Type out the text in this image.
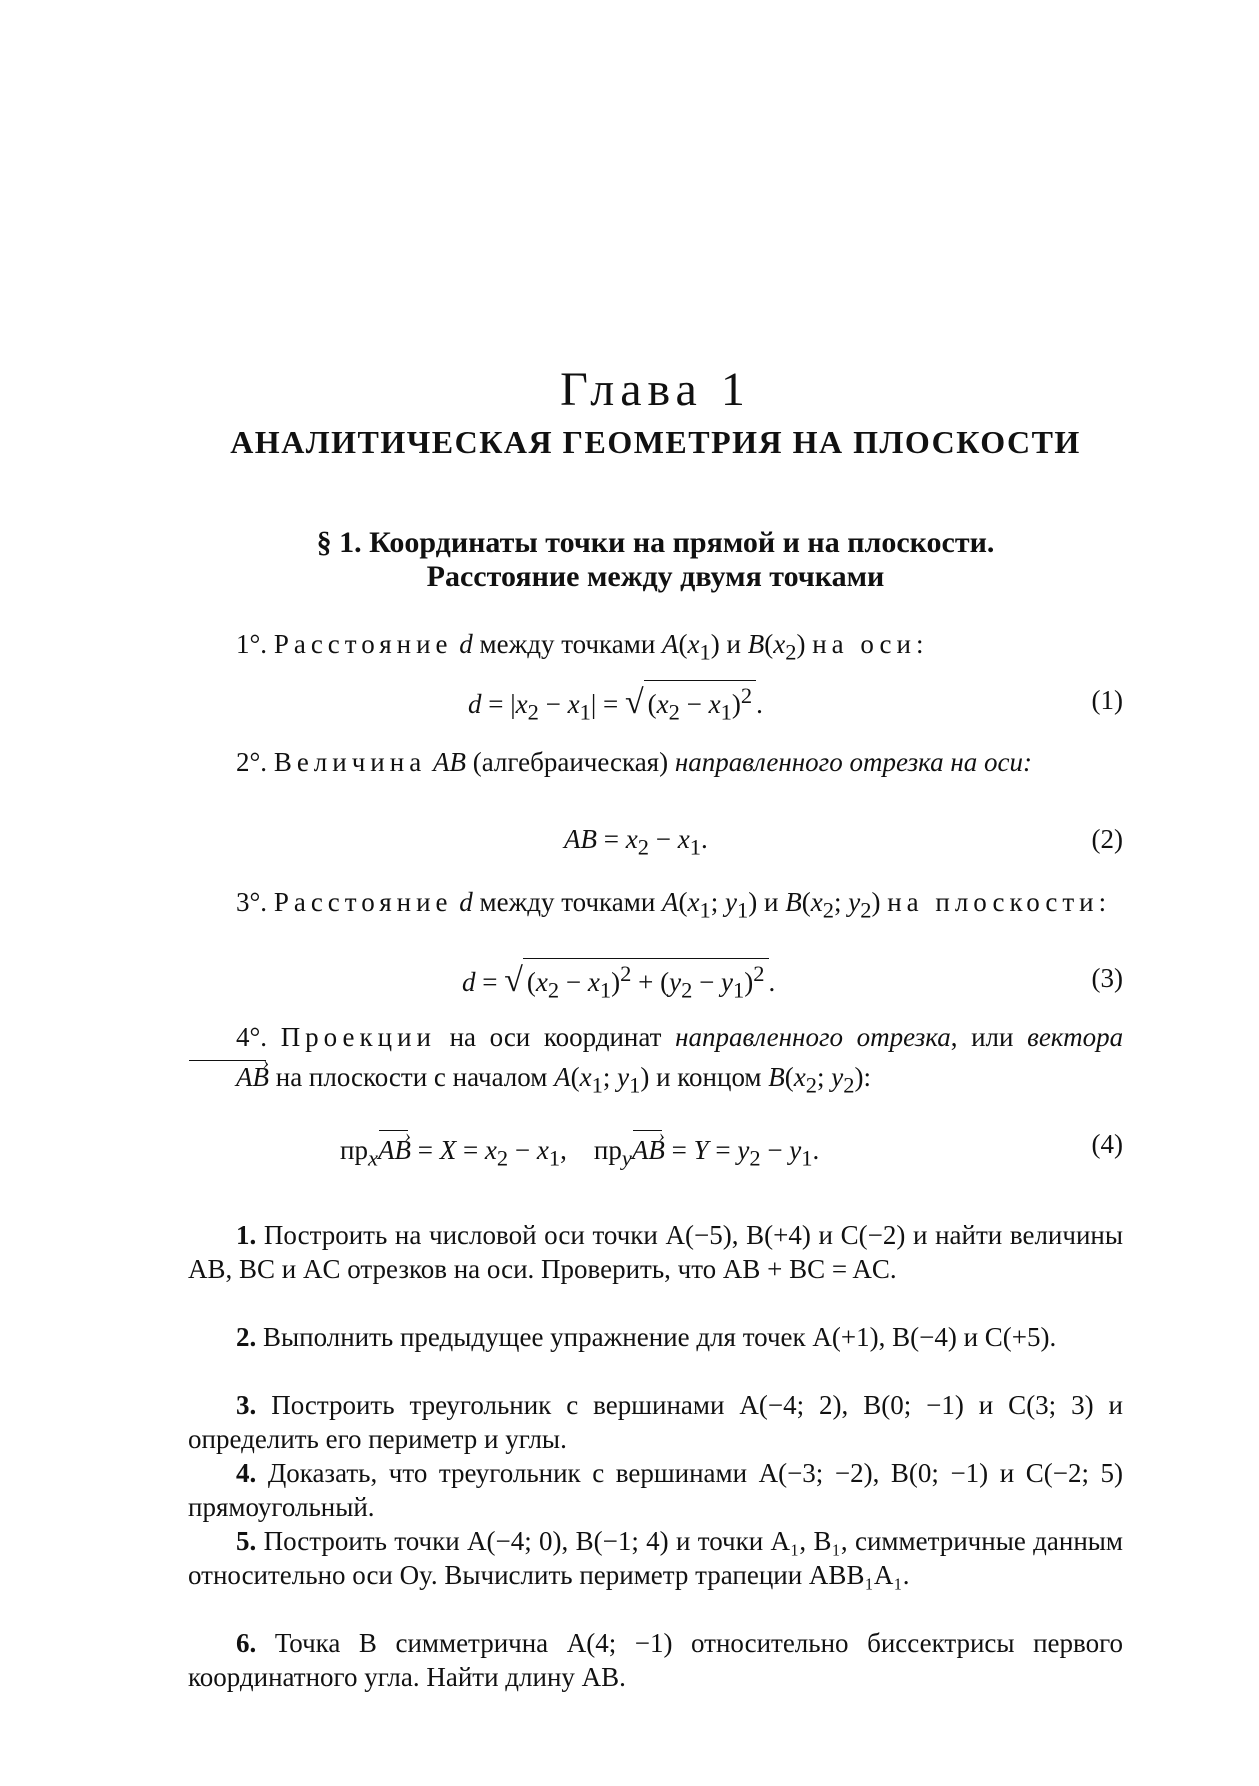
Глава 1
АНАЛИТИЧЕСКАЯ ГЕОМЕТРИЯ НА ПЛОСКОСТИ
§ 1. Координаты точки на прямой и на плоскости.
Расстояние между двумя точками
1°. Расстояние d между точками $A(x_1)$ и $B(x_2)$ на оси:
$d = |x_2 - x_1|$ = √ $(x_2 - x_1)^2$ .	(1)
2°. Величина AB (алгебраическая) направленного отрезка на оси:
AB = $x_2 - x_1$.	(2)
3°. Расстояние d между точками $A(x_1$; $y_1$) и $B(x_2$; $y_2$) на плоскости:
d = √ $(x_2 - x_1)^2 + (y_2 - y_1)^2$ .	(3)
4°. Проекции на оси координат направленного отрезка, или вектора AB › на плоскости с началом $A(x_1$; $y_1$) и концом $B(x_2$; $y_2$):
$пр_xAB$ › = $X = x_2 - x_1$,    $пр_yAB$ › = $Y = y_2 - y_1$.	(4)
1. Построить на числовой оси точки A(−5), B(+4) и C(−2) и найти величины AB, BC и AC отрезков на оси. Проверить, что AB + BC = AC.
2. Выполнить предыдущее упражнение для точек A(+1), B(−4) и C(+5).
3. Построить треугольник с вершинами A(−4; 2), B(0; −1) и C(3; 3) и определить его периметр и углы.
4. Доказать, что треугольник с вершинами A(−3; −2), B(0; −1) и C(−2; 5) прямоугольный.
5. Построить точки A(−4; 0), B(−1; 4) и точки A₁, B₁, симметричные данным относительно оси Oy. Вычислить периметр трапеции ABB₁A₁.
6. Точка B симметрична A(4; −1) относительно биссектрисы первого координатного угла. Найти длину AB.
